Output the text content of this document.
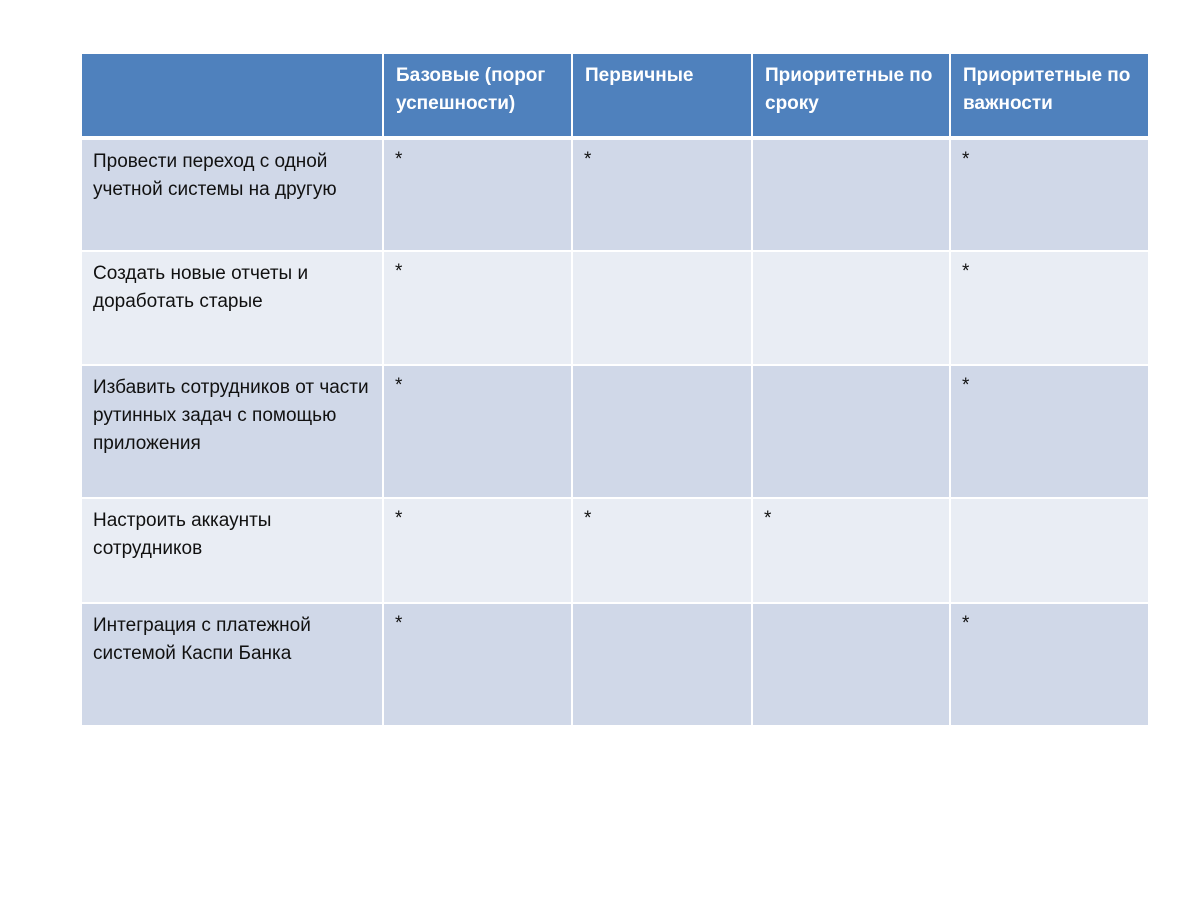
	Базовые (порог успешности)	Первичные	Приоритетные по сроку	Приоритетные по важности
Провести переход с одной учетной системы на другую	*	*		*
Создать новые отчеты и доработать старые	*			*
Избавить сотрудников от части рутинных задач с помощью приложения	*			*
Настроить аккаунты сотрудников	*	*	*	
Интеграция с платежной системой Каспи Банка	*			*
